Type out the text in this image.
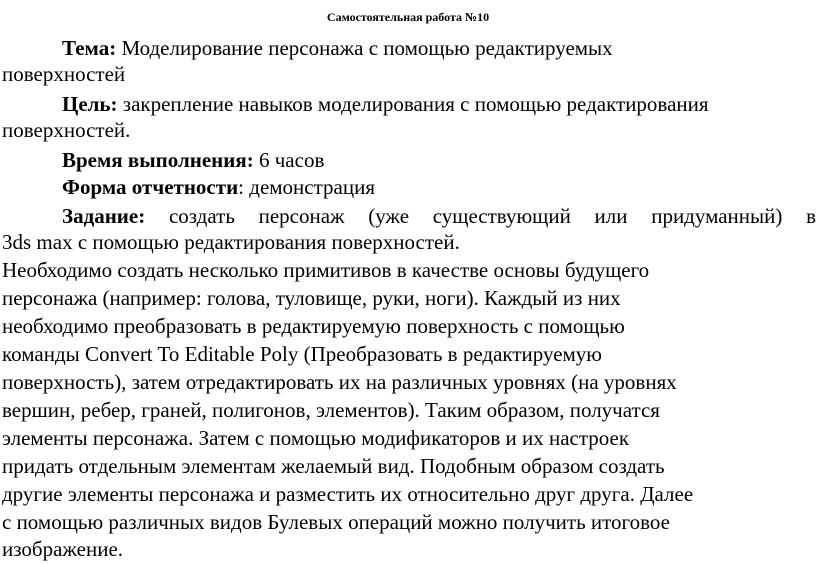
Самостоятельная работа №10
Тема: Моделирование персонажа с помощью редактируемых
поверхностей
Цель: закрепление навыков моделирования с помощью редактирования
поверхностей.
Время выполнения: 6 часов
Форма отчетности: демонстрация
Задание: создать персонаж (уже существующий или придуманный) в
3ds max с помощью редактирования поверхностей.
Необходимо создать несколько примитивов в качестве основы будущего
персонажа (например: голова, туловище, руки, ноги). Каждый из них
необходимо преобразовать в редактируемую поверхность с помощью
команды Convert To Editable Poly (Преобразовать в редактируемую
поверхность), затем отредактировать их на различных уровнях (на уровнях
вершин, ребер, граней, полигонов, элементов). Таким образом, получатся
элементы персонажа. Затем с помощью модификаторов и их настроек
придать отдельным элементам желаемый вид. Подобным образом создать
другие элементы персонажа и разместить их относительно друг друга. Далее
с помощью различных видов Булевых операций можно получить итоговое
изображение.
